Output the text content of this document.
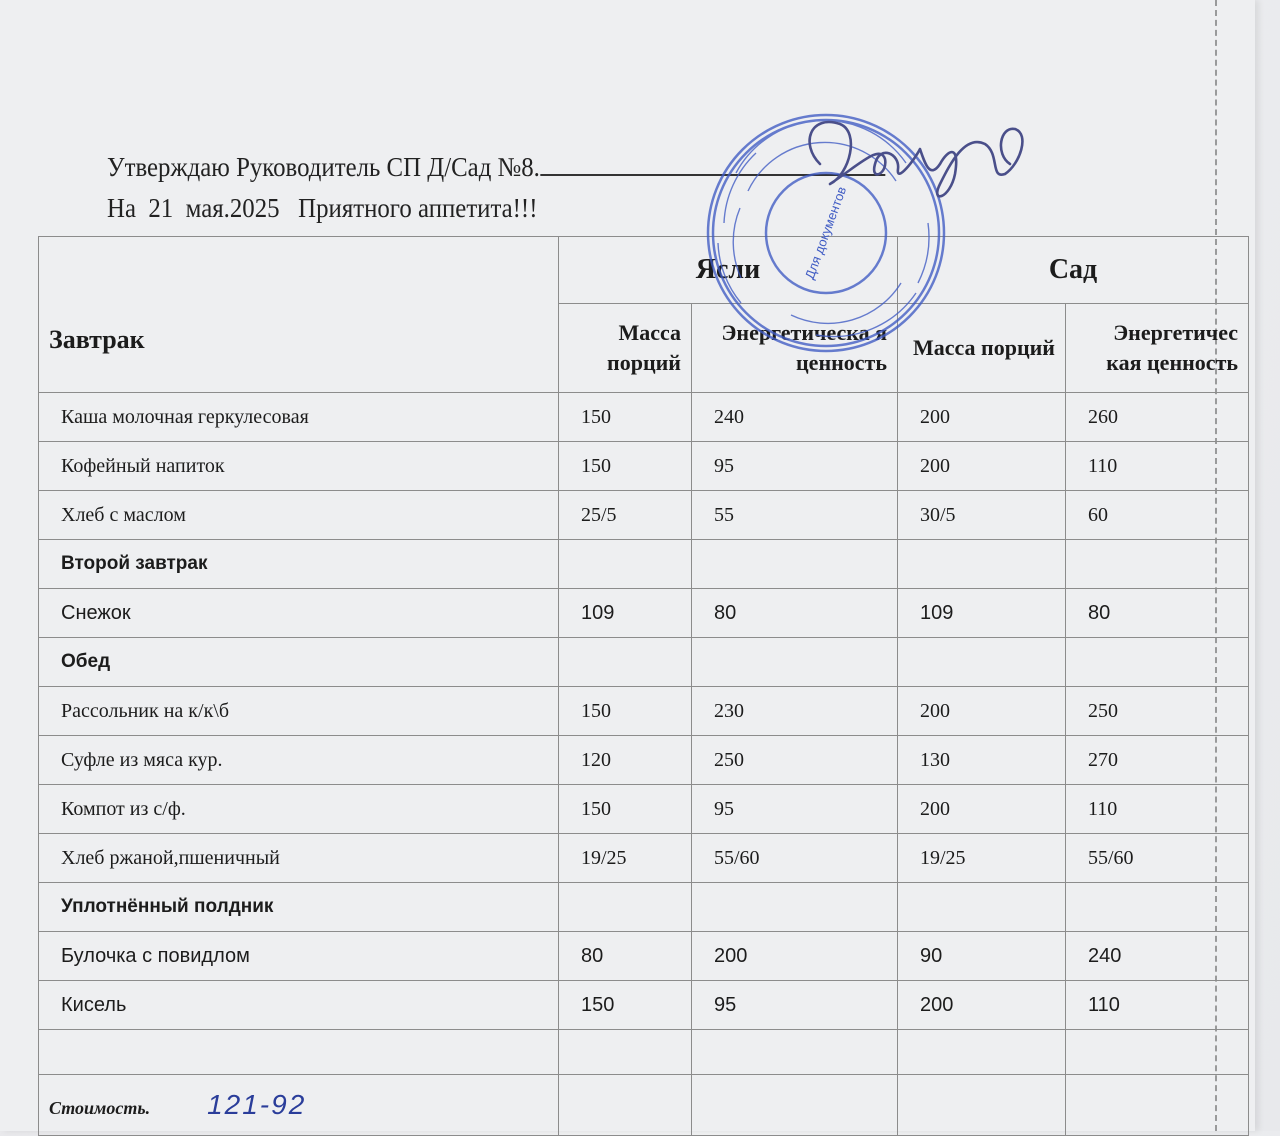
Утверждаю Руководитель СП Д/Сад №8.
На  21  мая.2025   Приятного аппетита!!!
Завтрак	Ясли		Сад	
	Масса порций	Энергетическа я ценность	Масса порций	Энергетичес кая ценность
Каша молочная геркулесовая	150	240	200	260
Кофейный напиток	150	95	200	110
Хлеб с маслом	25/5	55	30/5	60
Второй завтрак				
Снежок	109	80	109	80
Обед				
Рассольник на к/к\б	150	230	200	250
Суфле из мяса кур.	120	250	130	270
Компот из с/ф.	150	95	200	110
Хлеб ржаной,пшеничный	19/25	55/60	19/25	55/60
Уплотнённый полдник				
Булочка с повидлом	80	200	90	240
Кисель	150	95	200	110

Стоимость. 121-92				
Для документов
